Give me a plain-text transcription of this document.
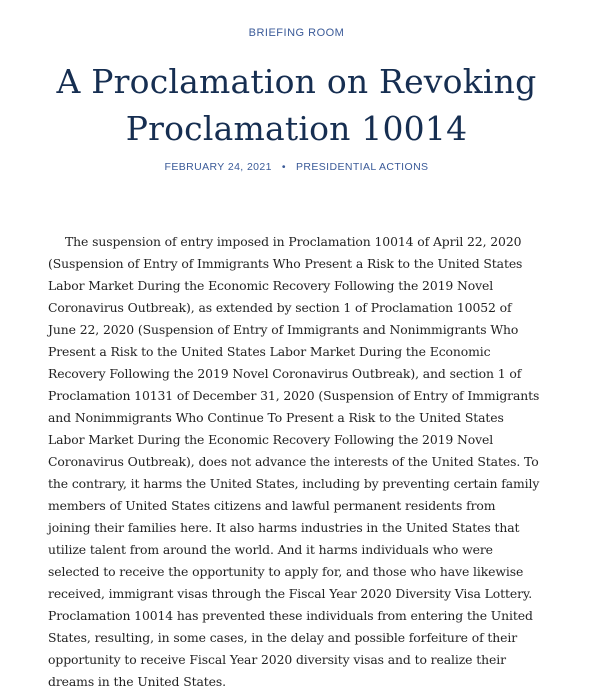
BRIEFING ROOM
A Proclamation on Revoking Proclamation 10014
FEBRUARY 24, 2021 • PRESIDENTIAL ACTIONS

The suspension of entry imposed in Proclamation 10014 of April 22, 2020 (Suspension of Entry of Immigrants Who Present a Risk to the United States Labor Market During the Economic Recovery Following the 2019 Novel Coronavirus Outbreak), as extended by section 1 of Proclamation 10052 of June 22, 2020 (Suspension of Entry of Immigrants and Nonimmigrants Who Present a Risk to the United States Labor Market During the Economic Recovery Following the 2019 Novel Coronavirus Outbreak), and section 1 of Proclamation 10131 of December 31, 2020 (Suspension of Entry of Immigrants and Nonimmigrants Who Continue To Present a Risk to the United States Labor Market During the Economic Recovery Following the 2019 Novel Coronavirus Outbreak), does not advance the interests of the United States. To the contrary, it harms the United States, including by preventing certain family members of United States citizens and lawful permanent residents from joining their families here. It also harms industries in the United States that utilize talent from around the world. And it harms individuals who were selected to receive the opportunity to apply for, and those who have likewise received, immigrant visas through the Fiscal Year 2020 Diversity Visa Lottery. Proclamation 10014 has prevented these individuals from entering the United States, resulting, in some cases, in the delay and possible forfeiture of their opportunity to receive Fiscal Year 2020 diversity visas and to realize their dreams in the United States.
